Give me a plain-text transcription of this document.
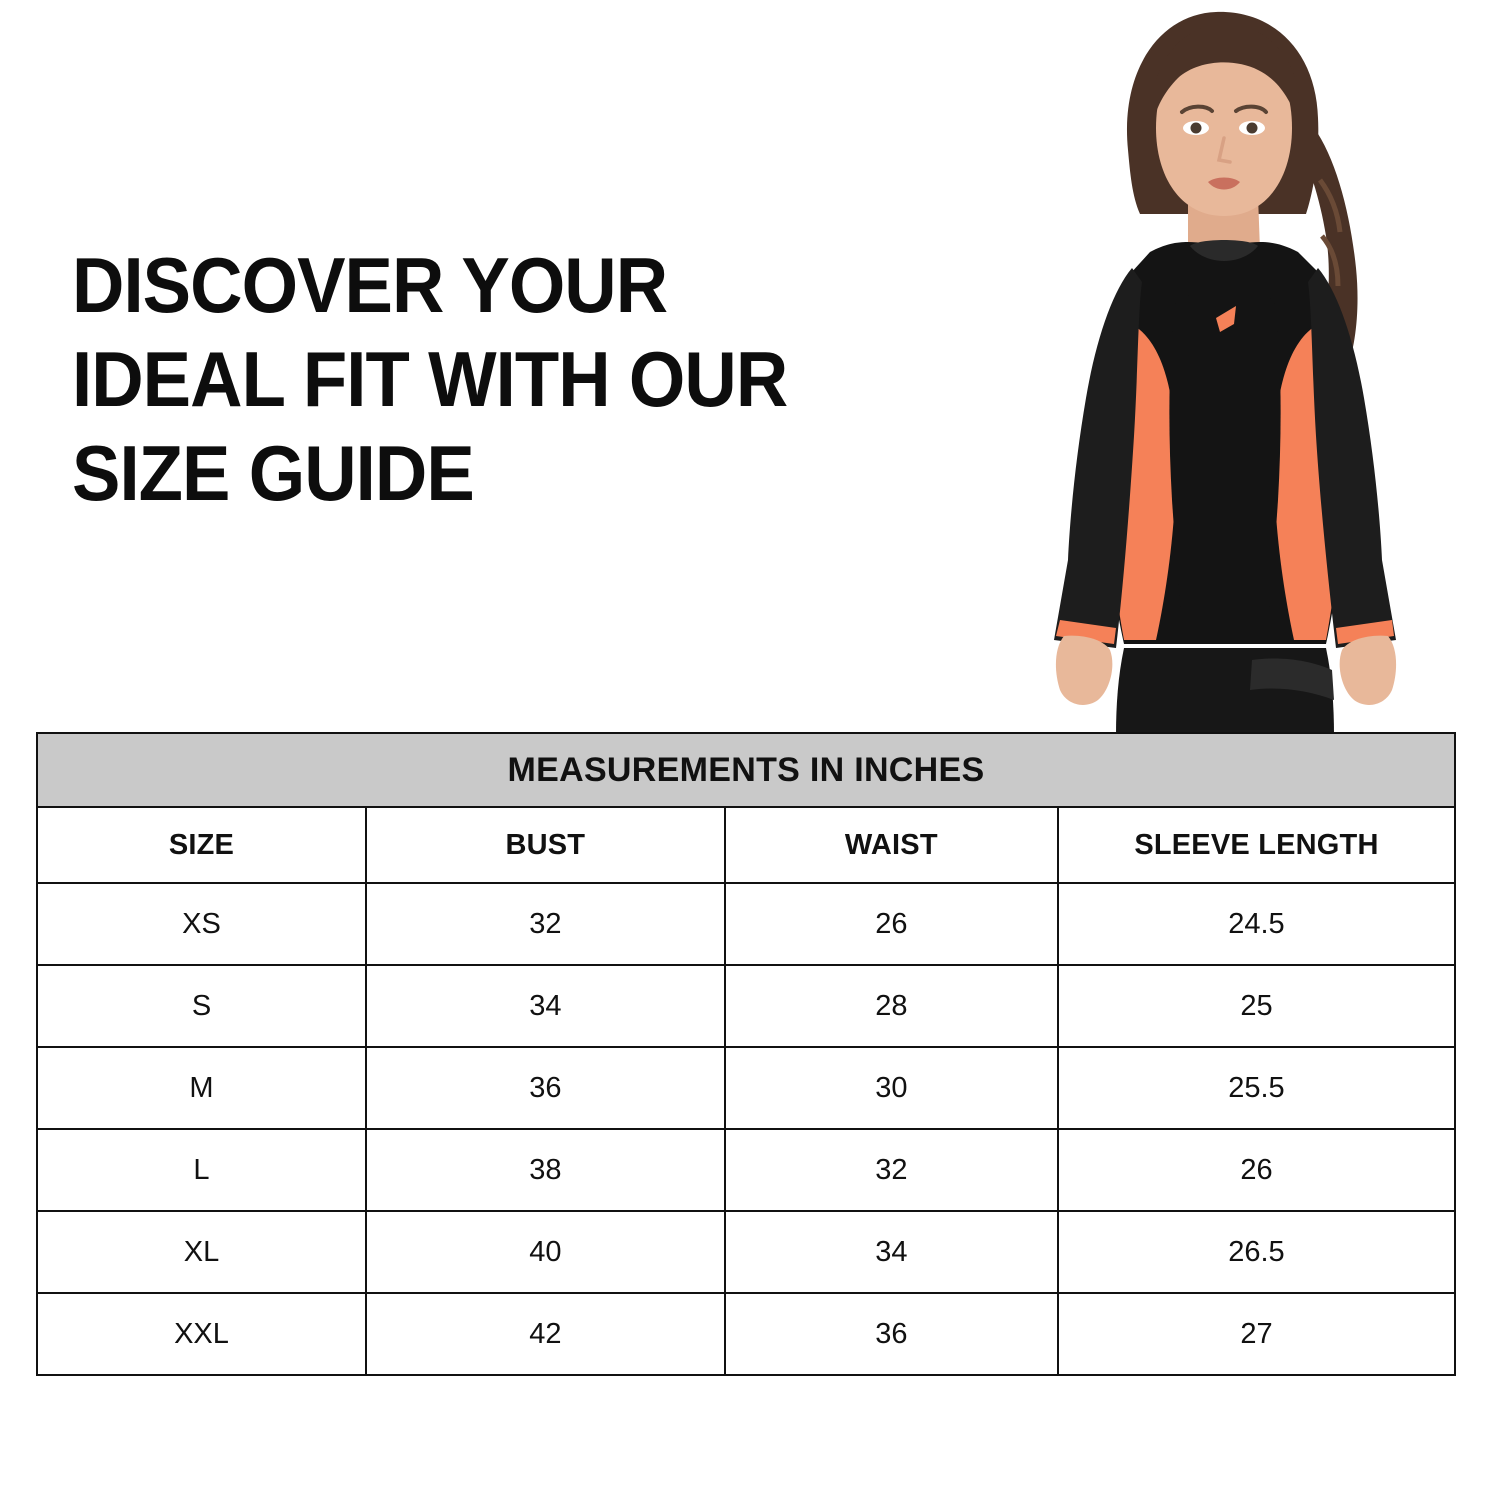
DISCOVER YOUR
IDEAL FIT WITH OUR
SIZE GUIDE
MEASUREMENTS IN INCHES			
SIZE	BUST	WAIST	SLEEVE LENGTH
XS	32	26	24.5
S	34	28	25
M	36	30	25.5
L	38	32	26
XL	40	34	26.5
XXL	42	36	27
